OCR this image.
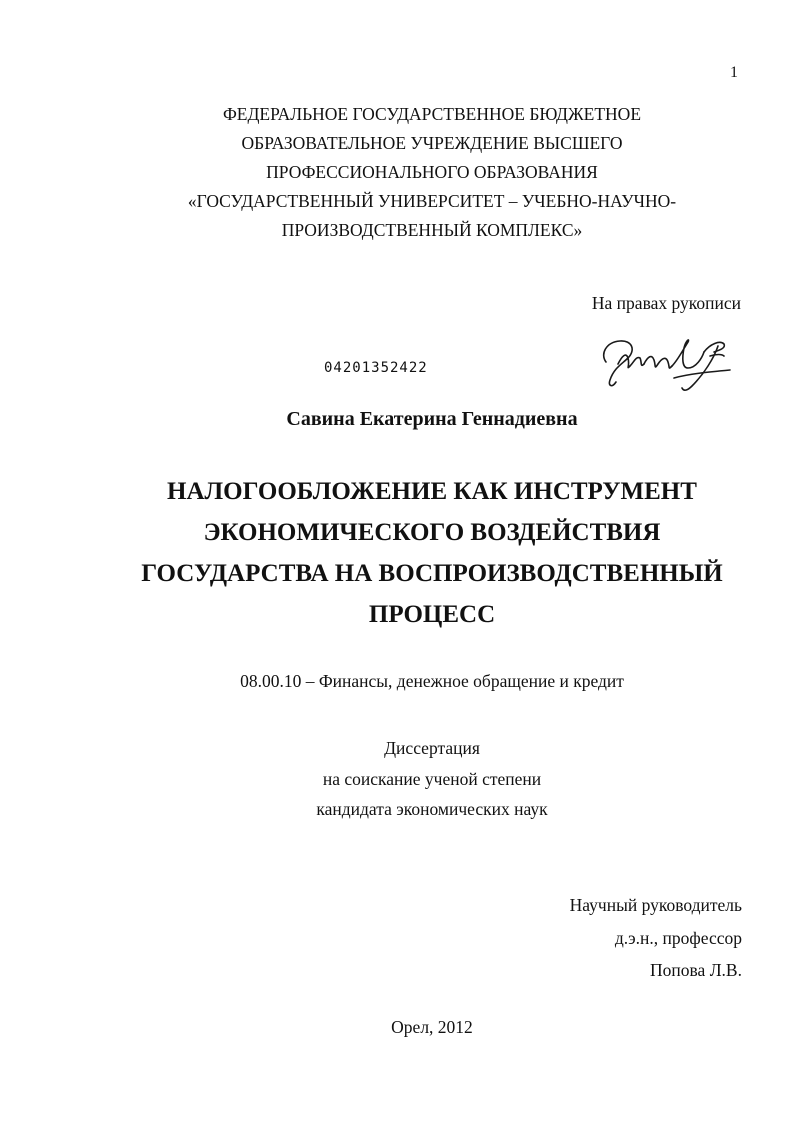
1
ФЕДЕРАЛЬНОЕ ГОСУДАРСТВЕННОЕ БЮДЖЕТНОЕ
ОБРАЗОВАТЕЛЬНОЕ УЧРЕЖДЕНИЕ ВЫСШЕГО
ПРОФЕССИОНАЛЬНОГО ОБРАЗОВАНИЯ
«ГОСУДАРСТВЕННЫЙ УНИВЕРСИТЕТ – УЧЕБНО-НАУЧНО-
ПРОИЗВОДСТВЕННЫЙ КОМПЛЕКС»
На правах рукописи
04201352422
Савина Екатерина Геннадиевна
НАЛОГООБЛОЖЕНИЕ КАК ИНСТРУМЕНТ
ЭКОНОМИЧЕСКОГО ВОЗДЕЙСТВИЯ
ГОСУДАРСТВА НА ВОСПРОИЗВОДСТВЕННЫЙ
ПРОЦЕСС
08.00.10 – Финансы, денежное обращение и кредит
Диссертация
на соискание ученой степени
кандидата экономических наук
Научный руководитель
д.э.н., профессор
Попова Л.В.
Орел, 2012
